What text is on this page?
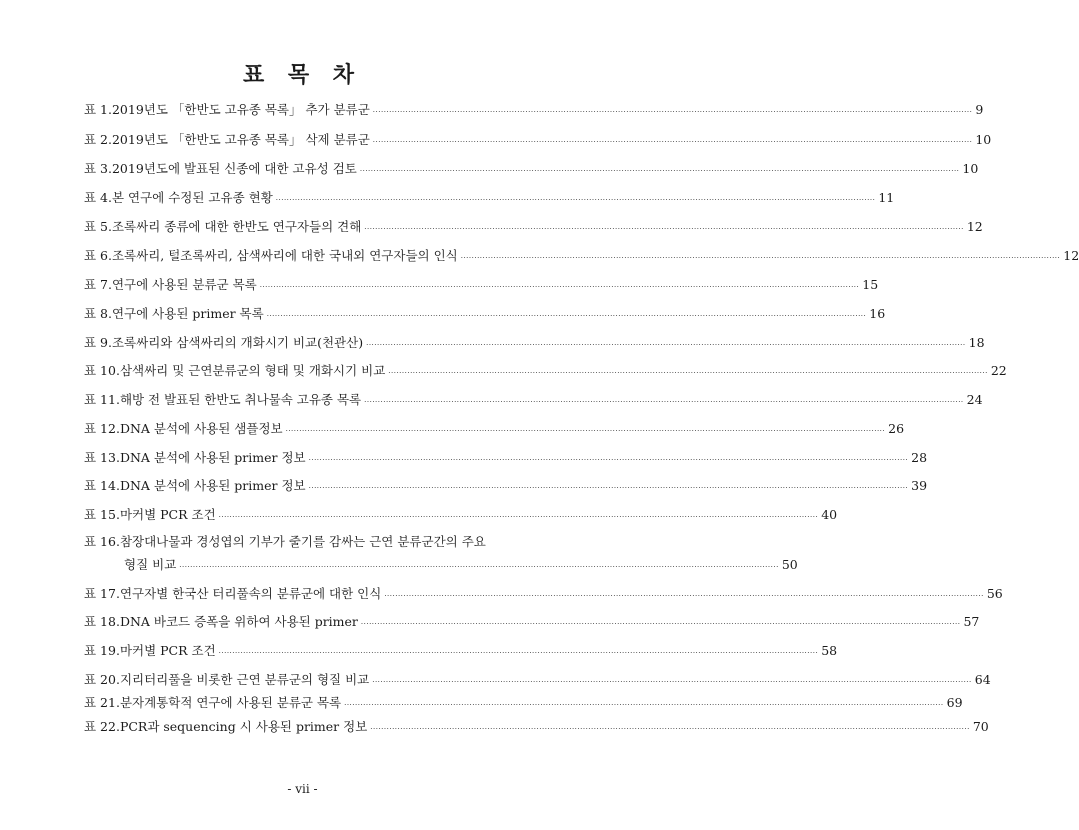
표 목 차
표 1. 2019년도 「한반도 고유종 목록」 추가 분류군 ···························································································································································································································· 9
표 2. 2019년도 「한반도 고유종 목록」 삭제 분류군 ···························································································································································································································· 10
표 3. 2019년도에 발표된 신종에 대한 고유성 검토 ···························································································································································································································· 10
표 4. 본 연구에 수정된 고유종 현황 ···························································································································································································································· 11
표 5. 조록싸리 종류에 대한 한반도 연구자들의 견해 ···························································································································································································································· 12
표 6. 조록싸리, 털조록싸리, 삼색싸리에 대한 국내외 연구자들의 인식 ···························································································································································································································· 12
표 7. 연구에 사용된 분류군 목록 ···························································································································································································································· 15
표 8. 연구에 사용된 primer 목록 ···························································································································································································································· 16
표 9. 조록싸리와 삼색싸리의 개화시기 비교(천관산) ···························································································································································································································· 18
표 10. 삼색싸리 및 근연분류군의 형태 및 개화시기 비교 ···························································································································································································································· 22
표 11. 해방 전 발표된 한반도 취나물속 고유종 목록 ···························································································································································································································· 24
표 12. DNA 분석에 사용된 샘플정보 ···························································································································································································································· 26
표 13. DNA 분석에 사용된 primer 정보 ···························································································································································································································· 28
표 14. DNA 분석에 사용된 primer 정보 ···························································································································································································································· 39
표 15. 마커별 PCR 조건 ···························································································································································································································· 40
표 16. 참장대나물과 경성엽의 기부가 줄기를 감싸는 근연 분류군간의 주요
형질 비교 ···························································································································································································································· 50
표 17. 연구자별 한국산 터리풀속의 분류군에 대한 인식 ···························································································································································································································· 56
표 18. DNA 바코드 증폭을 위하여 사용된 primer ···························································································································································································································· 57
표 19. 마커별 PCR 조건 ···························································································································································································································· 58
표 20. 지리터리풀을 비롯한 근연 분류군의 형질 비교 ···························································································································································································································· 64
표 21. 분자계통학적 연구에 사용된 분류군 목록 ···························································································································································································································· 69
표 22. PCR과 sequencing 시 사용된 primer 정보 ···························································································································································································································· 70
- vii -
